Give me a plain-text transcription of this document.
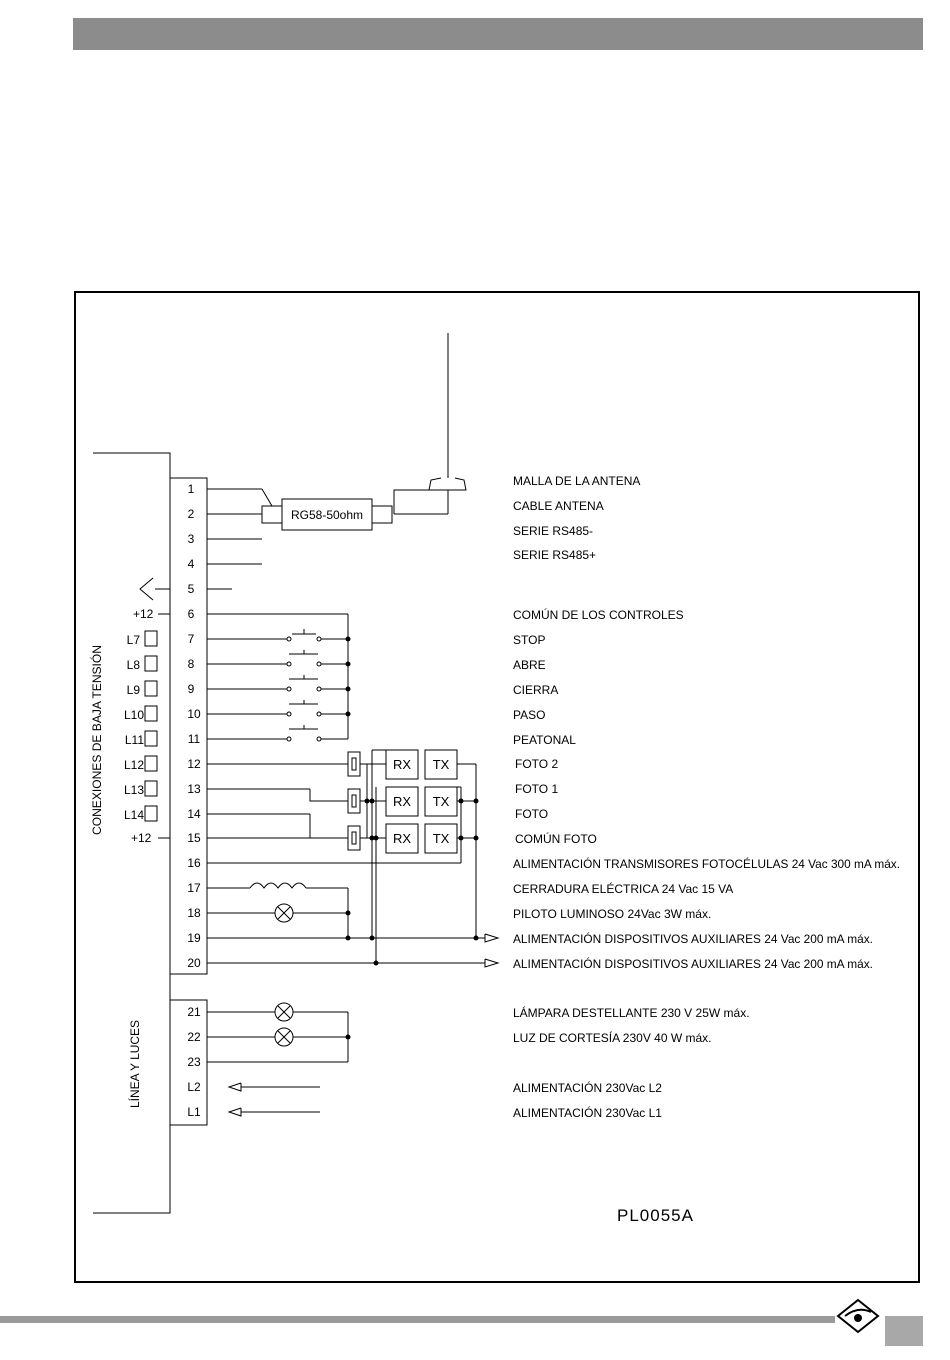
RG58-50ohm
1
2
3
4
5
6
7
8
9
10
11
12
13
14
15
16
17
18
19
20
21
22
23
L2
L1
MALLA DE LA ANTENA
CABLE ANTENA
SERIE RS485-
SERIE RS485+
COMÚN DE LOS CONTROLES
STOP
ABRE
CIERRA
PASO
PEATONAL
FOTO 2
FOTO 1
FOTO
COMÚN FOTO
ALIMENTACIÓN TRANSMISORES FOTOCÉLULAS 24 Vac 300 mA máx.
CERRADURA ELÉCTRICA 24 Vac 15 VA
PILOTO LUMINOSO 24Vac 3W máx.
ALIMENTACIÓN DISPOSITIVOS AUXILIARES 24 Vac 200 mA máx.
ALIMENTACIÓN DISPOSITIVOS AUXILIARES 24 Vac 200 mA máx.
LÁMPARA DESTELLANTE 230 V 25W máx.
LUZ DE CORTESÍA 230V 40 W máx.
ALIMENTACIÓN 230Vac L2
ALIMENTACIÓN 230Vac L1
L7
L8
L9
L10
L11
L12
L13
L14
+12
+12
RX TX
RX TX
RX TX
CONEXIONES DE BAJA TENSIÓN
LÍNEA Y LUCES
PL0055A
